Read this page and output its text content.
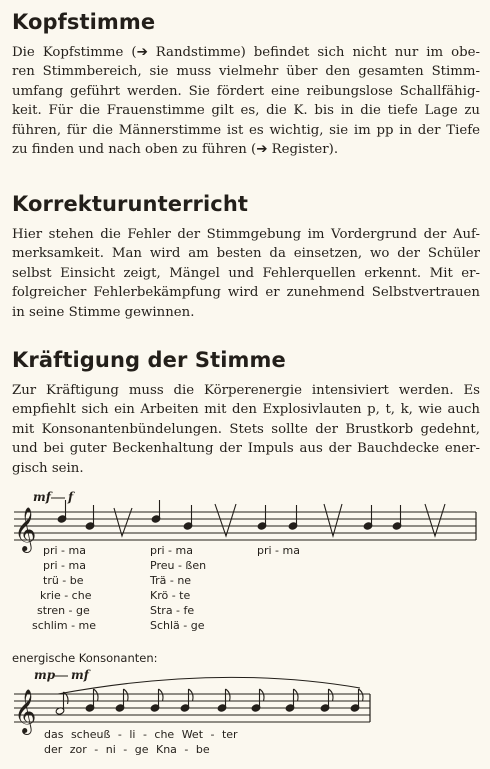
Kopfstimme

Die Kopfstimme (➔ Randstimme) befindet sich nicht nur im obe-
ren Stimmbereich, sie muss vielmehr über den gesamten Stimm-
umfang geführt werden. Sie fördert eine reibungslose Schallfähig-
keit. Für die Frauenstimme gilt es, die K. bis in die tiefe Lage zu
führen, für die Männerstimme ist es wichtig, sie im pp in der Tiefe
zu finden und nach oben zu führen (➔ Register).

Korrekturunterricht

Hier stehen die Fehler der Stimmgebung im Vordergrund der Auf-
merksamkeit. Man wird am besten da einsetzen, wo der Schüler
selbst Einsicht zeigt, Mängel und Fehlerquellen erkennt. Mit er-
folgreicher Fehlerbekämpfung wird er zunehmend Selbstvertrauen
in seine Stimme gewinnen.

Kräftigung der Stimme

Zur Kräftigung muss die Körperenergie intensiviert werden. Es
empfiehlt sich ein Arbeiten mit den Explosivlauten p, t, k, wie auch
mit Konsonantenbündelungen. Stets sollte der Brustkorb gedehnt,
und bei guter Beckenhaltung der Impuls aus der Bauchdecke ener-
gisch sein.

mf f
𝄞 pri - ma
pri - ma
trü - be
krie - che
stren - ge
schlim - me
pri - ma
Preu - ßen
Trä - ne
Krö - te
Stra - fe
Schlä - ge
pri - ma
energische Konsonanten:
mp mf
𝄞
das scheuß - li - che Wet - ter
der zor - ni - ge Kna - be
